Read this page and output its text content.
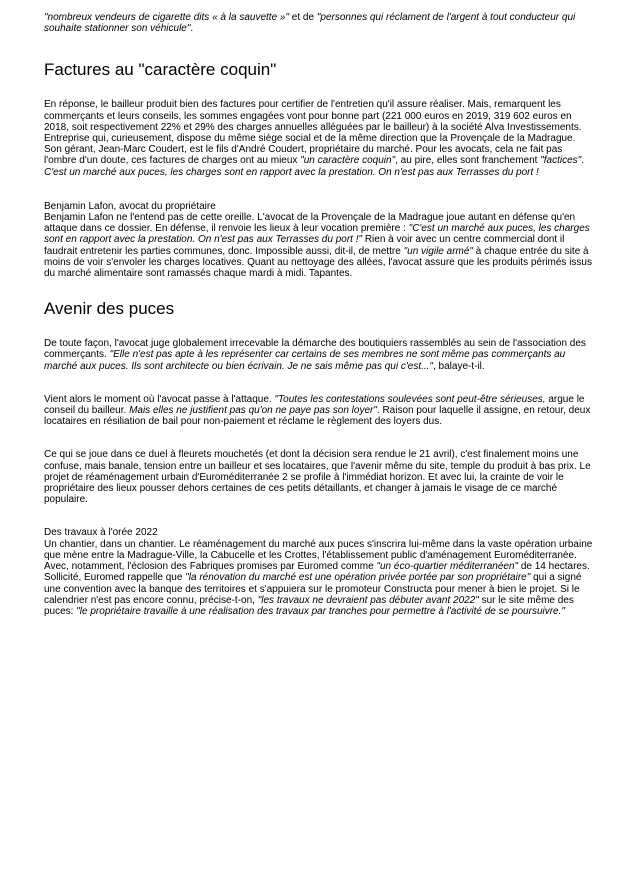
"nombreux vendeurs de cigarette dits « à la sauvette »" et de "personnes qui réclament de l'argent à tout conducteur qui souhaite stationner son véhicule".

Factures au "caractère coquin"

En réponse, le bailleur produit bien des factures pour certifier de l'entretien qu'il assure réaliser. Mais, remarquent les commerçants et leurs conseils, les sommes engagées vont pour bonne part (221 000 euros en 2019, 319 602 euros en 2018, soit respectivement 22% et 29% des charges annuelles alléguées par le bailleur) à la société Alva Investissements. Entreprise qui, curieusement, dispose du même siège social et de la même direction que la Provençale de la Madrague. Son gérant, Jean-Marc Coudert, est le fils d'André Coudert, propriétaire du marché. Pour les avocats, cela ne fait pas l'ombre d'un doute, ces factures de charges ont au mieux "un caractère coquin", au pire, elles sont franchement "factices".

C'est un marché aux puces, les charges sont en rapport avec la prestation. On n'est pas aux Terrasses du port !

Benjamin Lafon, avocat du propriétaire

Benjamin Lafon ne l'entend pas de cette oreille. L'avocat de la Provençale de la Madrague joue autant en défense qu'en attaque dans ce dossier. En défense, il renvoie les lieux à leur vocation première : "C'est un marché aux puces, les charges sont en rapport avec la prestation. On n'est pas aux Terrasses du port !" Rien à voir avec un centre commercial dont il faudrait entretenir les parties communes, donc. Impossible aussi, dit-il, de mettre "un vigile armé" à chaque entrée du site à moins de voir s'envoler les charges locatives. Quant au nettoyage des allées, l'avocat assure que les produits périmés issus du marché alimentaire sont ramassés chaque mardi à midi. Tapantes.

Avenir des puces

De toute façon, l'avocat juge globalement irrecevable la démarche des boutiquiers rassemblés au sein de l'association des commerçants. "Elle n'est pas apte à les représenter car certains de ses membres ne sont même pas commerçants au marché aux puces. Ils sont architecte ou bien écrivain. Je ne sais même pas qui c'est...", balaye-t-il.

Vient alors le moment où l'avocat passe à l'attaque. "Toutes les contestations soulevées sont peut-être sérieuses, argue le conseil du bailleur. Mais elles ne justifient pas qu'on ne paye pas son loyer". Raison pour laquelle il assigne, en retour, deux locataires en résiliation de bail pour non-paiement et réclame le règlement des loyers dus.

Ce qui se joue dans ce duel à fleurets mouchetés (et dont la décision sera rendue le 21 avril), c'est finalement moins une confuse, mais banale, tension entre un bailleur et ses locataires, que l'avenir même du site, temple du produit à bas prix. Le projet de réaménagement urbain d'Euroméditerranée 2 se profile à l'immédiat horizon. Et avec lui, la crainte de voir le propriétaire des lieux pousser dehors certaines de ces petits détaillants, et changer à jamais le visage de ce marché populaire.

Des travaux à l'orée 2022

Un chantier, dans un chantier. Le réaménagement du marché aux puces s'inscrira lui-même dans la vaste opération urbaine que mène entre la Madrague-Ville, la Cabucelle et les Crottes, l'établissement public d'aménagement Euroméditerranée. Avec, notamment, l'éclosion des Fabriques promises par Euromed comme "un éco-quartier méditerranéen" de 14 hectares. Sollicité, Euromed rappelle que "la rénovation du marché est une opération privée portée par son propriétaire" qui a signé une convention avec la banque des territoires et s'appuiera sur le promoteur Constructa pour mener à bien le projet. Si le calendrier n'est pas encore connu, précise-t-on, "les travaux ne devraient pas débuter avant 2022" sur le site même des puces: "le propriétaire travaille à une réalisation des travaux par tranches pour permettre à l'activité de se poursuivre."
